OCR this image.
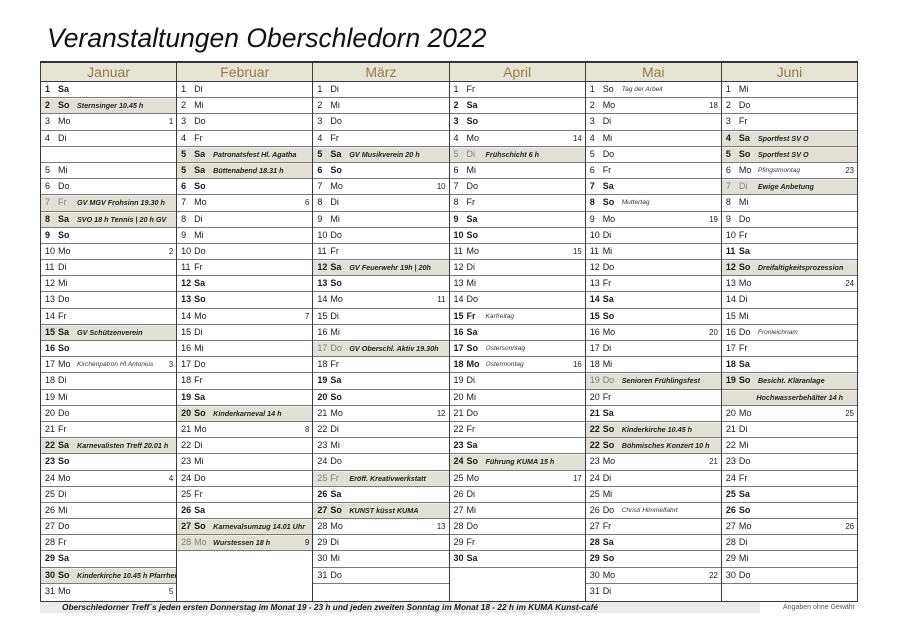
Veranstaltungen Oberschledorn 2022
Januar
1 Sa
2 So Sternsinger 10.45 h
3 Mo	1
4 Di
5 Mi
6 Do
7 Fr GV MGV Frohsinn 19.30 h
8 Sa SVO 18 h Tennis | 20 h GV
9 So
10 Mo	2
11 Di
12 Mi
13 Do
14 Fr
15 Sa GV Schützenverein
16 So
17 Mo Kirchenpatron Hl Antonius 3
18 Di
19 Mi
20 Do
21 Fr
22 Sa Karnevalisten Treff 20.01 h
23 So
24 Mo	4
25 Di
26 Mi
27 Do
28 Fr
29 Sa
30 So Kinderkirche 10.45 h Pfarrhei
31 Mo	5
Februar
1 Di
2 Mi
3 Do
4 Fr
5 Sa Patronatsfest Hl. Agatha
5 Sa Büttenabend 18.31 h
6 So
7 Mo	6
8 Di
9 Mi
10 Do
11 Fr
12 Sa
13 So
14 Mo	7
15 Di
16 Mi
17 Do
18 Fr
19 Sa
20 So Kinderkarneval 14 h
21 Mo	8
22 Di
23 Mi
24 Do
25 Fr
26 Sa
27 So Karnevalsumzug 14.01 Uhr
28 Mo Wurstessen 18 h	9
März
1 Di
2 Mi
3 Do
4 Fr
5 Sa GV Musikverein 20 h
6 So
7 Mo	10
8 Di
9 Mi
10 Do
11 Fr
12 Sa GV Feuerwehr 19h | 20h
13 So
14 Mo	11
15 Di
16 Mi
17 Do GV Oberschl. Aktiv 19.30h
18 Fr
19 Sa
20 So
21 Mo	12
22 Di
23 Mi
24 Do
25 Fr Eröff. Kreativwerkstatt
26 Sa
27 So KUNST küsst KUMA
28 Mo	13
29 Di
30 Mi
31 Do
April
1 Fr
2 Sa
3 So
4 Mo	14
5 Di Frühschicht 6 h
6 Mi
7 Do
8 Fr
9 Sa
10 So
11 Mo	15
12 Di
13 Mi
14 Do
15 Fr Karfreitag
16 Sa
17 So Ostersonntag
18 Mo Ostermontag	16
19 Di
20 Mi
21 Do
22 Fr
23 Sa
24 So Führung KUMA 15 h
25 Mo	17
26 Di
27 Mi
28 Do
29 Fr
30 Sa
Mai
1 So Tag der Arbeit
2 Mo	18
3 Di
4 Mi
5 Do
6 Fr
7 Sa
8 So Muttertag
9 Mo	19
10 Di
11 Mi
12 Do
13 Fr
14 Sa
15 So
16 Mo	20
17 Di
18 Mi
19 Do Senioren Frühlingsfest
20 Fr
21 Sa
22 So Kinderkirche 10.45 h
22 So Böhmisches Konzert 10 h
23 Mo	21
24 Di
25 Mi
26 Do Christi Himmelfahrt
27 Fr
28 Sa
29 So
30 Mo	22
31 Di
Juni
1 Mi
2 Do
3 Fr
4 Sa Sportfest SV O
5 So Sportfest SV O
6 Mo Pfingstmontag	23
7 Di Ewige Anbetung
8 Mi
9 Do
10 Fr
11 Sa
12 So Dreifaltigkeitsprozession
13 Mo	24
14 Di
15 Mi
16 Do Fronleichnam
17 Fr
18 Sa
19 So Besicht. Kläranlage
Hochwasserbehälter 14 h
20 Mo	25
21 Di
22 Mi
23 Do
24 Fr
25 Sa
26 So
27 Mo	26
28 Di
29 Mi
30 Do
Oberschledorner Treff´s jeden ersten Donnerstag im Monat 19 - 23 h und jeden zweiten Sonntag im Monat 18 - 22 h im KUMA Kunst-café	Angaben ohne Gewähr
